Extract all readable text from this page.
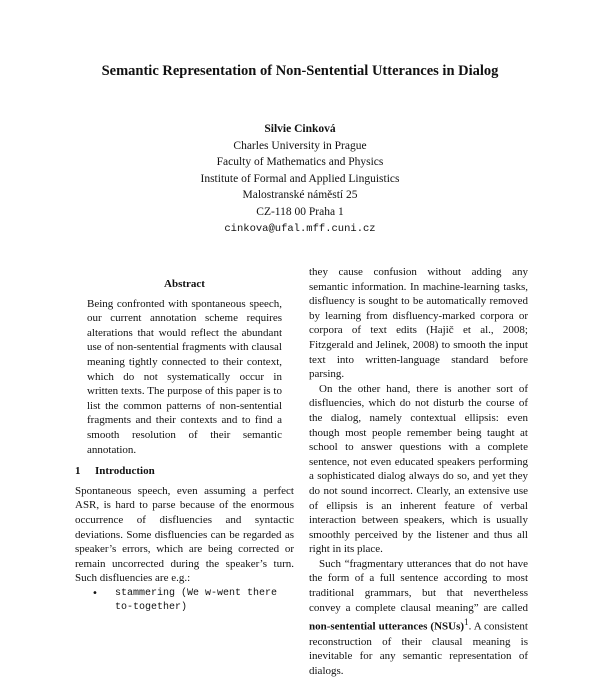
Semantic Representation of Non-Sentential Utterances in Dialog
Silvie Cinková
Charles University in Prague
Faculty of Mathematics and Physics
Institute of Formal and Applied Linguistics
Malostranské náměstí 25
CZ-118 00 Praha 1
cinkova@ufal.mff.cuni.cz
Abstract

Being confronted with spontaneous speech, our current annotation scheme requires alterations that would reflect the abundant use of non-sentential fragments with clausal meaning tightly connected to their context, which do not systematically occur in written texts. The purpose of this paper is to list the common patterns of non-sentential fragments and their contexts and to find a smooth resolution of their semantic annotation.

1 Introduction

Spontaneous speech, even assuming a perfect ASR, is hard to parse because of the enormous occurrence of disfluencies and syntactic deviations. Some disfluencies can be regarded as speaker’s errors, which are being corrected or remain uncorrected during the speaker’s turn. Such disfluencies are e.g.:

• stammering (We w-went there to-together)

they cause confusion without adding any semantic information. In machine-learning tasks, disfluency is sought to be automatically removed by learning from disfluency-marked corpora or corpora of text edits (Hajič et al., 2008; Fitzgerald and Jelinek, 2008) to smooth the input text into written-language standard before parsing.

On the other hand, there is another sort of disfluencies, which do not disturb the course of the dialog, namely contextual ellipsis: even though most people remember being taught at school to answer questions with a complete sentence, not even educated speakers performing a sophisticated dialog always do so, and yet they do not sound incorrect. Clearly, an extensive use of ellipsis is an inherent feature of verbal interaction between speakers, which is usually smoothly perceived by the listener and thus all right in its place.

Such “fragmentary utterances that do not have the form of a full sentence according to most traditional grammars, but that nevertheless convey a complete clausal meaning” are called non-sentential utterances (NSUs)$^1$. A consistent reconstruction of their clausal meaning is inevitable for any semantic representation of dialogs.
